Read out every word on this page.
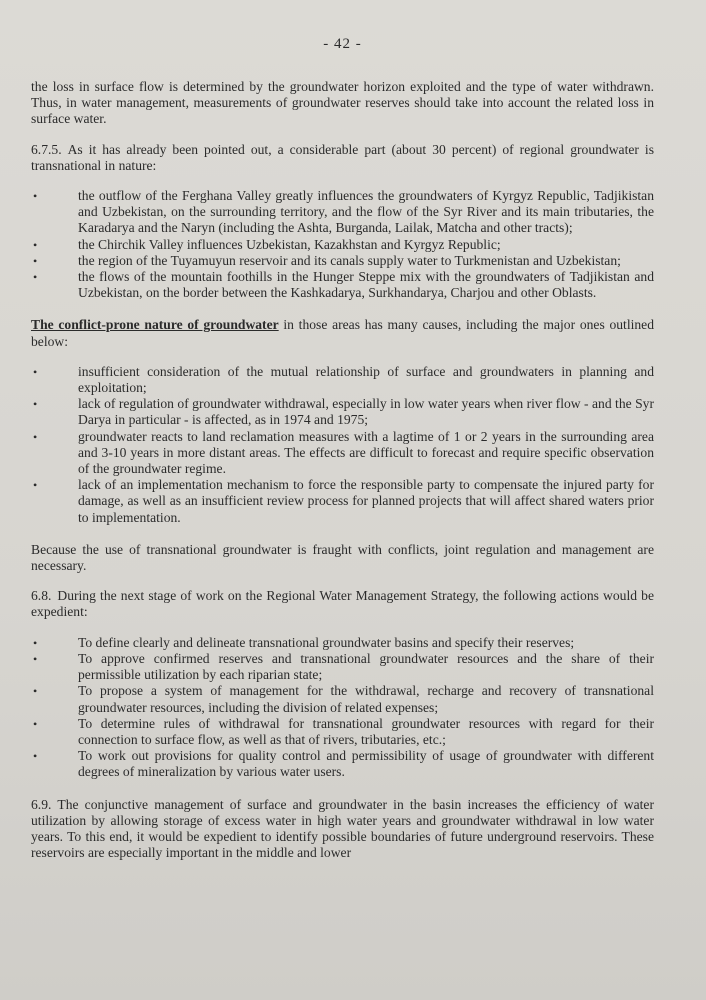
- 42 -

the loss in surface flow is determined by the groundwater horizon exploited and the type of water withdrawn. Thus, in water management, measurements of groundwater reserves should take into account the related loss in surface water.

6.7.5. As it has already been pointed out, a considerable part (about 30 percent) of regional groundwater is transnational in nature:

•	the outflow of the Ferghana Valley greatly influences the groundwaters of Kyrgyz Republic, Tadjikistan and Uzbekistan, on the surrounding territory, and the flow of the Syr River and its main tributaries, the Karadarya and the Naryn (including the Ashta, Burganda, Lailak, Matcha and other tracts);
•	the Chirchik Valley influences Uzbekistan, Kazakhstan and Kyrgyz Republic;
•	the region of the Tuyamuyun reservoir and its canals supply water to Turkmenistan and Uzbekistan;
•	the flows of the mountain foothills in the Hunger Steppe mix with the groundwaters of Tadjikistan and Uzbekistan, on the border between the Kashkadarya, Surkhandarya, Charjou and other Oblasts.

The conflict-prone nature of groundwater in those areas has many causes, including the major ones outlined below:

•	insufficient consideration of the mutual relationship of surface and groundwaters in planning and exploitation;
•	lack of regulation of groundwater withdrawal, especially in low water years when river flow - and the Syr Darya in particular - is affected, as in 1974 and 1975;
•	groundwater reacts to land reclamation measures with a lagtime of 1 or 2 years in the surrounding area and 3-10 years in more distant areas. The effects are difficult to forecast and require specific observation of the groundwater regime.
•	lack of an implementation mechanism to force the responsible party to compensate the injured party for damage, as well as an insufficient review process for planned projects that will affect shared waters prior to implementation.

Because the use of transnational groundwater is fraught with conflicts, joint regulation and management are necessary.

6.8. During the next stage of work on the Regional Water Management Strategy, the following actions would be expedient:

•	To define clearly and delineate transnational groundwater basins and specify their reserves;
•	To approve confirmed reserves and transnational groundwater resources and the share of their permissible utilization by each riparian state;
•	To propose a system of management for the withdrawal, recharge and recovery of transnational groundwater resources, including the division of related expenses;
•	To determine rules of withdrawal for transnational groundwater resources with regard for their connection to surface flow, as well as that of rivers, tributaries, etc.;
•	To work out provisions for quality control and permissibility of usage of groundwater with different degrees of mineralization by various water users.

6.9. The conjunctive management of surface and groundwater in the basin increases the efficiency of water utilization by allowing storage of excess water in high water years and groundwater withdrawal in low water years. To this end, it would be expedient to identify possible boundaries of future underground reservoirs. These reservoirs are especially important in the middle and lower
